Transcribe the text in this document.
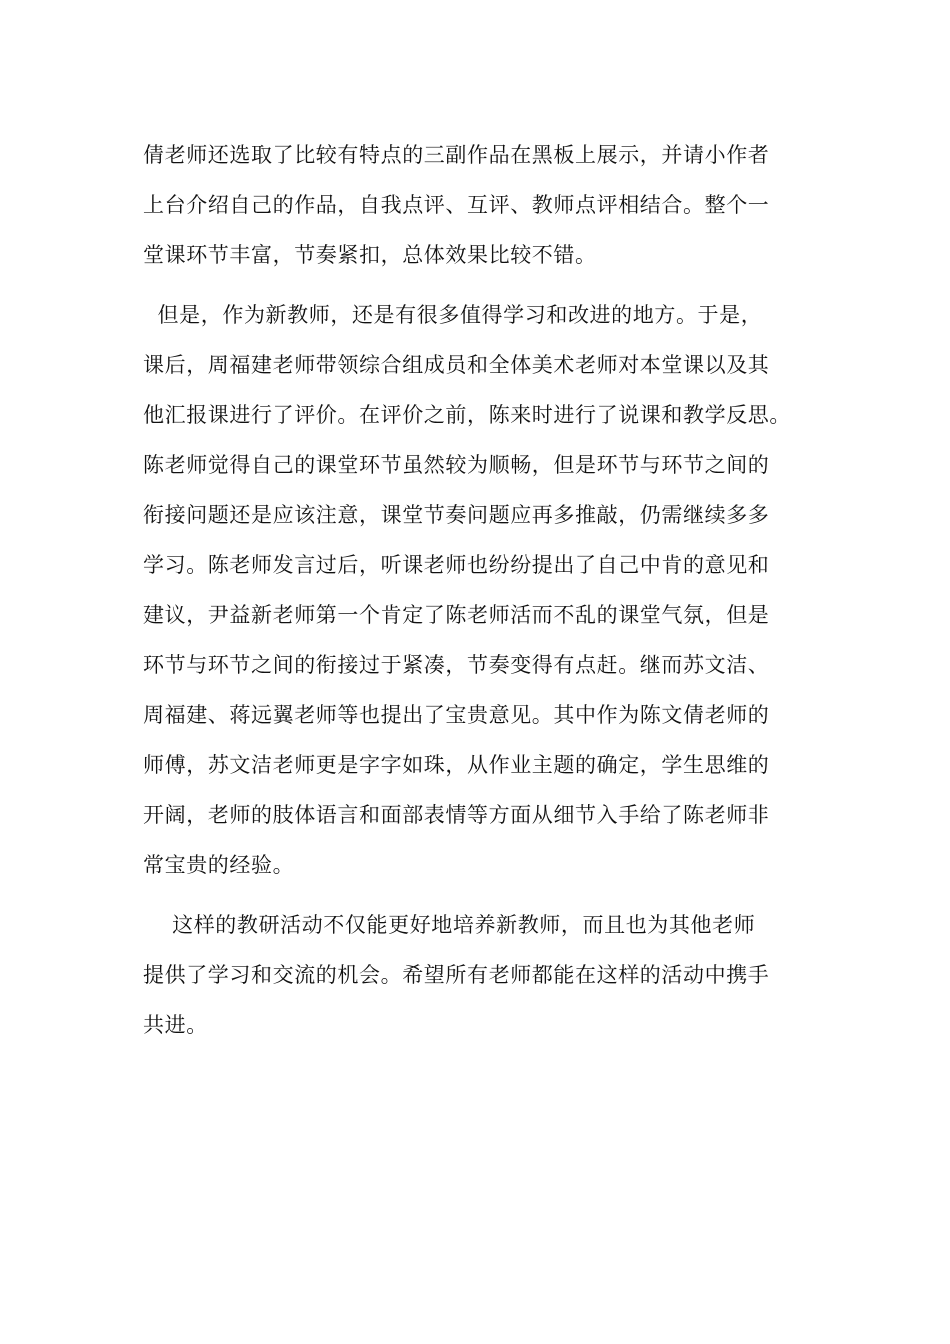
倩老师还选取了比较有特点的三副作品在黑板上展示，并请小作者
上台介绍自己的作品，自我点评、互评、教师点评相结合。整个一
堂课环节丰富，节奏紧扣，总体效果比较不错。
但是，作为新教师，还是有很多值得学习和改进的地方。于是，
课后，周福建老师带领综合组成员和全体美术老师对本堂课以及其
他汇报课进行了评价。在评价之前，陈来时进行了说课和教学反思。
陈老师觉得自己的课堂环节虽然较为顺畅，但是环节与环节之间的
衔接问题还是应该注意，课堂节奏问题应再多推敲，仍需继续多多
学习。陈老师发言过后，听课老师也纷纷提出了自己中肯的意见和
建议，尹益新老师第一个肯定了陈老师活而不乱的课堂气氛，但是
环节与环节之间的衔接过于紧凑，节奏变得有点赶。继而苏文洁、
周福建、蒋远翼老师等也提出了宝贵意见。其中作为陈文倩老师的
师傅，苏文洁老师更是字字如珠，从作业主题的确定，学生思维的
开阔，老师的肢体语言和面部表情等方面从细节入手给了陈老师非
常宝贵的经验。
这样的教研活动不仅能更好地培养新教师，而且也为其他老师
提供了学习和交流的机会。希望所有老师都能在这样的活动中携手
共进。
